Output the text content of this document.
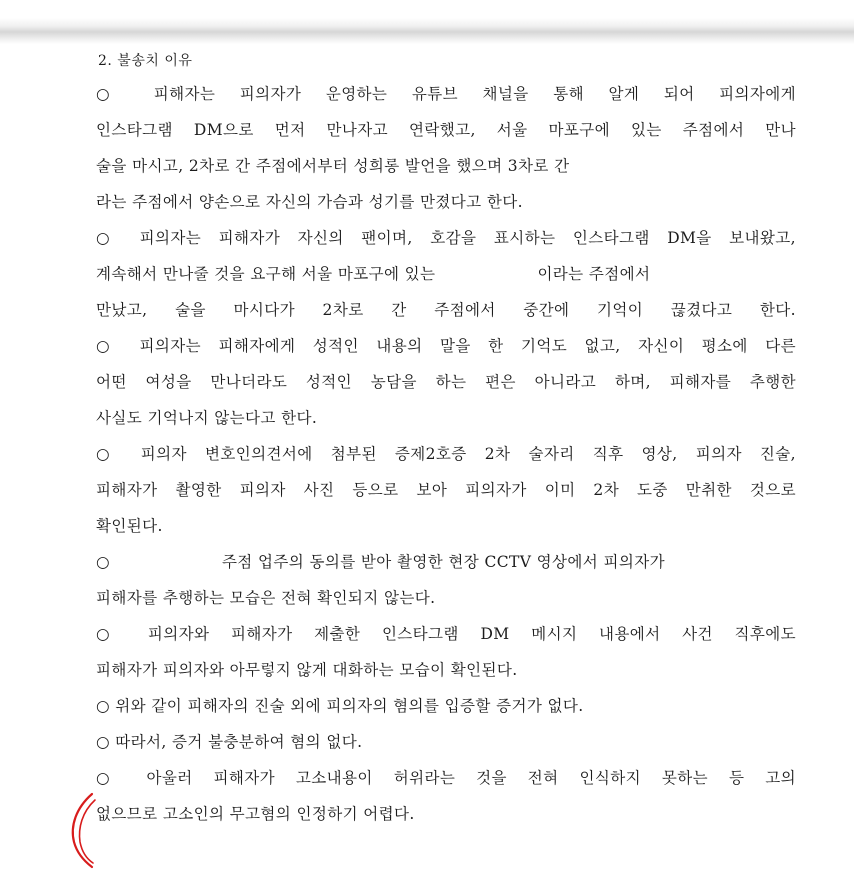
2. 불송치 이유
○ 피해자는 피의자가 운영하는 유튜브 채널을 통해 알게 되어 피의자에게
인스타그램 DM으로 먼저 만나자고 연락했고, 서울 마포구에 있는 주점에서 만나
술을 마시고, 2차로 간 주점에서부터 성희롱 발언을 했으며 3차로 간
라는 주점에서 양손으로 자신의 가슴과 성기를 만졌다고 한다.
○ 피의자는 피해자가 자신의 팬이며, 호감을 표시하는 인스타그램 DM을 보내왔고,
계속해서 만나줄 것을 요구해 서울 마포구에 있는	이라는 주점에서
만났고, 술을 마시다가 2차로 간 주점에서 중간에 기억이 끊겼다고 한다.
○ 피의자는 피해자에게 성적인 내용의 말을 한 기억도 없고, 자신이 평소에 다른
어떤 여성을 만나더라도 성적인 농담을 하는 편은 아니라고 하며, 피해자를 추행한
사실도 기억나지 않는다고 한다.
○ 피의자 변호인의견서에 첨부된 증제2호증 2차 술자리 직후 영상, 피의자 진술,
피해자가 촬영한 피의자 사진 등으로 보아 피의자가 이미 2차 도중 만취한 것으로
확인된다.
○	주점 업주의 동의를 받아 촬영한 현장 CCTV 영상에서 피의자가
피해자를 추행하는 모습은 전혀 확인되지 않는다.
○ 피의자와 피해자가 제출한 인스타그램 DM 메시지 내용에서 사건 직후에도
피해자가 피의자와 아무렇지 않게 대화하는 모습이 확인된다.
○ 위와 같이 피해자의 진술 외에 피의자의 혐의를 입증할 증거가 없다.
○ 따라서, 증거 불충분하여 혐의 없다.
○ 아울러 피해자가 고소내용이 허위라는 것을 전혀 인식하지 못하는 등 고의
없으므로 고소인의 무고혐의 인정하기 어렵다.
